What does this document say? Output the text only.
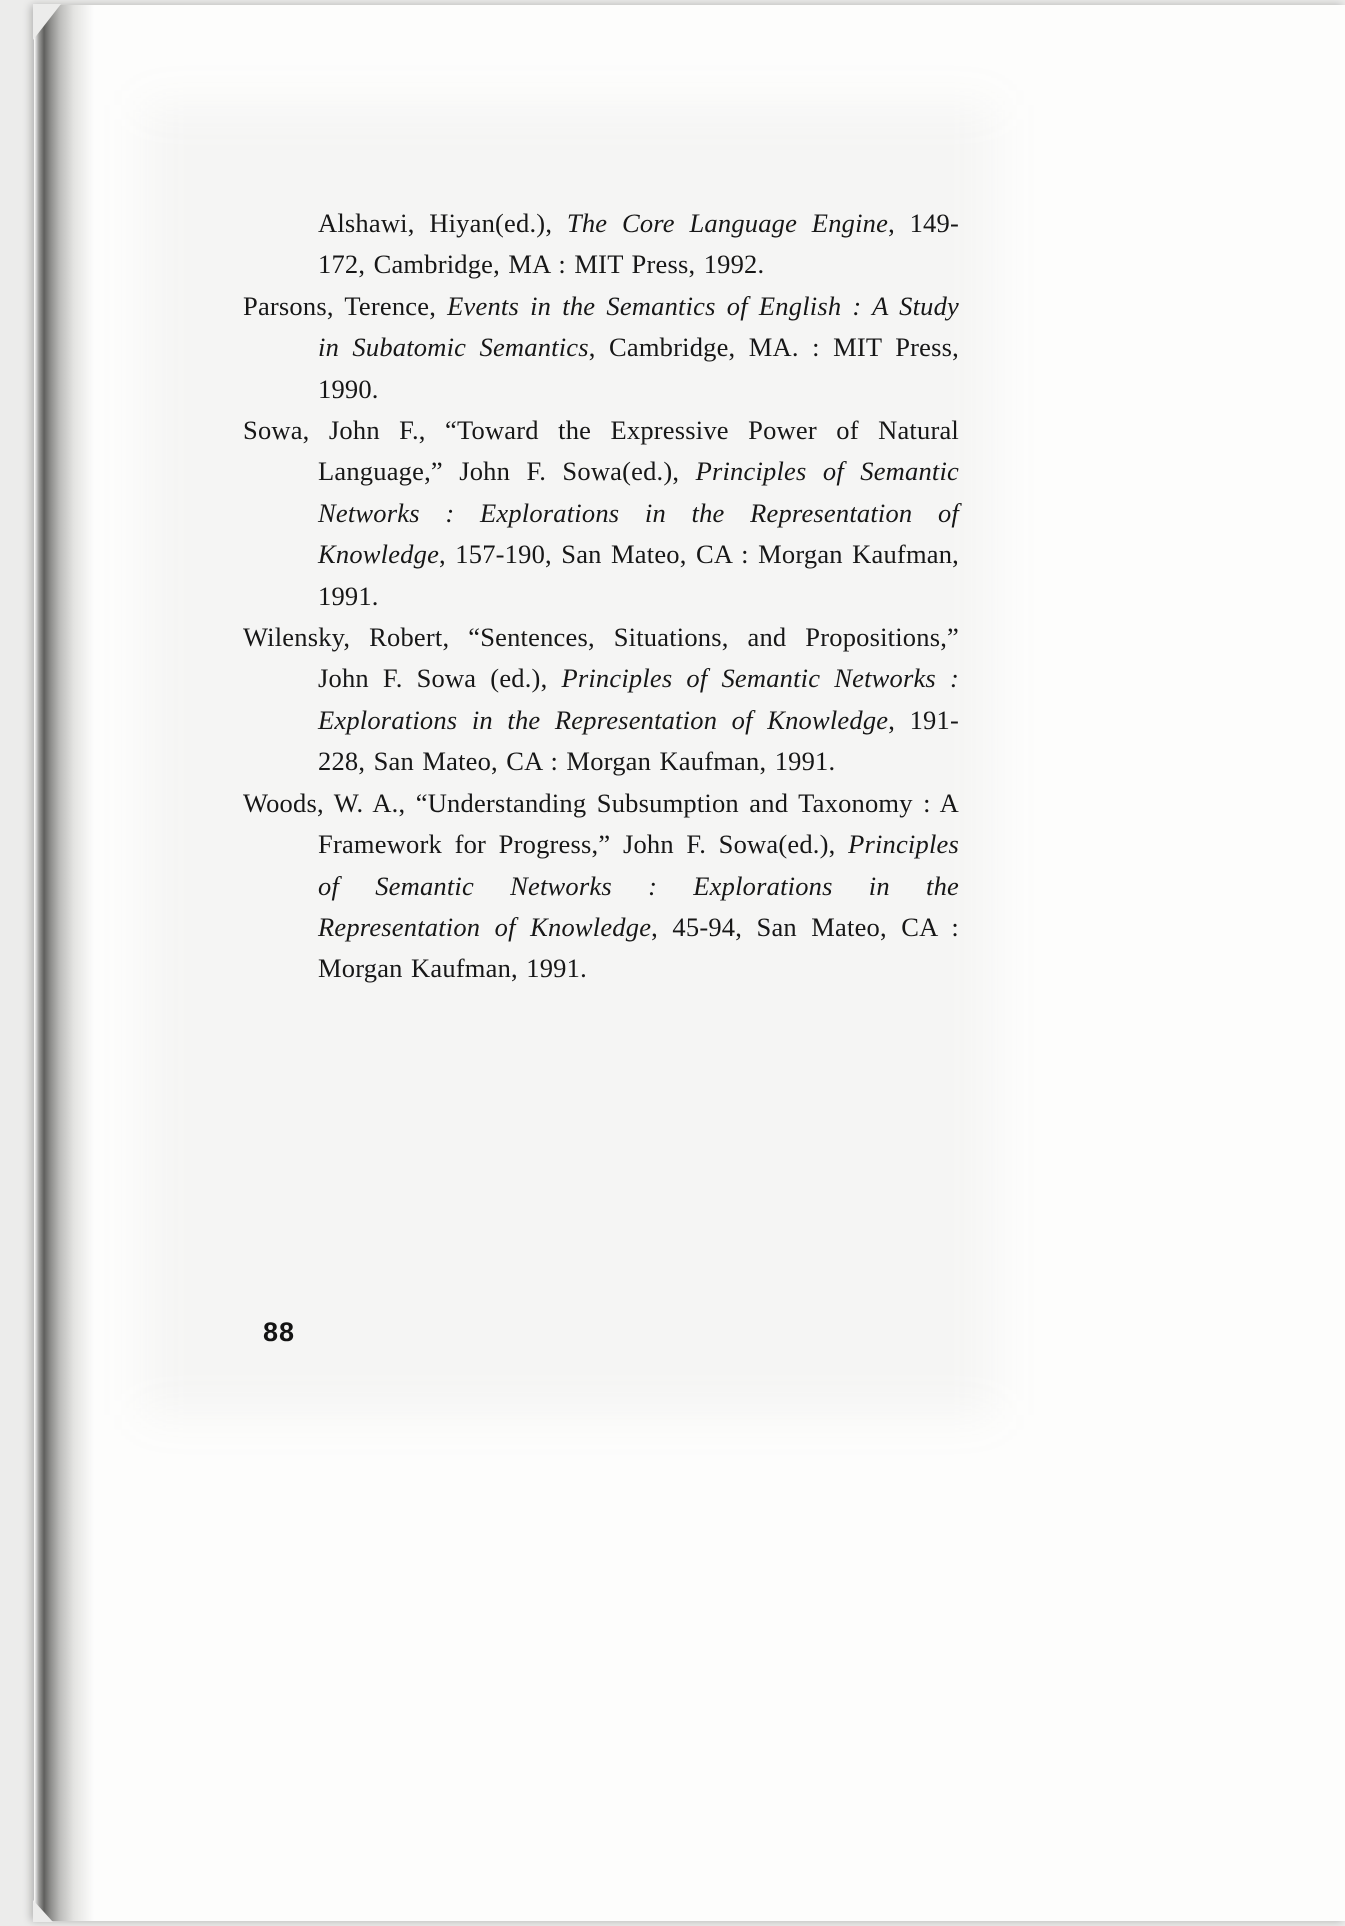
Alshawi, Hiyan(ed.), The Core Language Engine, 149-172, Cambridge, MA : MIT Press, 1992.

Parsons, Terence, Events in the Semantics of English : A Study in Subatomic Semantics, Cambridge, MA. : MIT Press, 1990.

Sowa, John F., “Toward the Expressive Power of Natural Language,” John F. Sowa(ed.), Principles of Semantic Networks : Explorations in the Representation of Knowledge, 157-190, San Mateo, CA : Morgan Kaufman, 1991.

Wilensky, Robert, “Sentences, Situations, and Propositions,” John F. Sowa (ed.), Principles of Semantic Networks : Explorations in the Representation of Knowledge, 191-228, San Mateo, CA : Morgan Kaufman, 1991.

Woods, W. A., “Understanding Subsumption and Taxonomy : A Framework for Progress,” John F. Sowa(ed.), Principles of Semantic Networks : Explorations in the Representation of Knowledge, 45-94, San Mateo, CA : Morgan Kaufman, 1991.

88
